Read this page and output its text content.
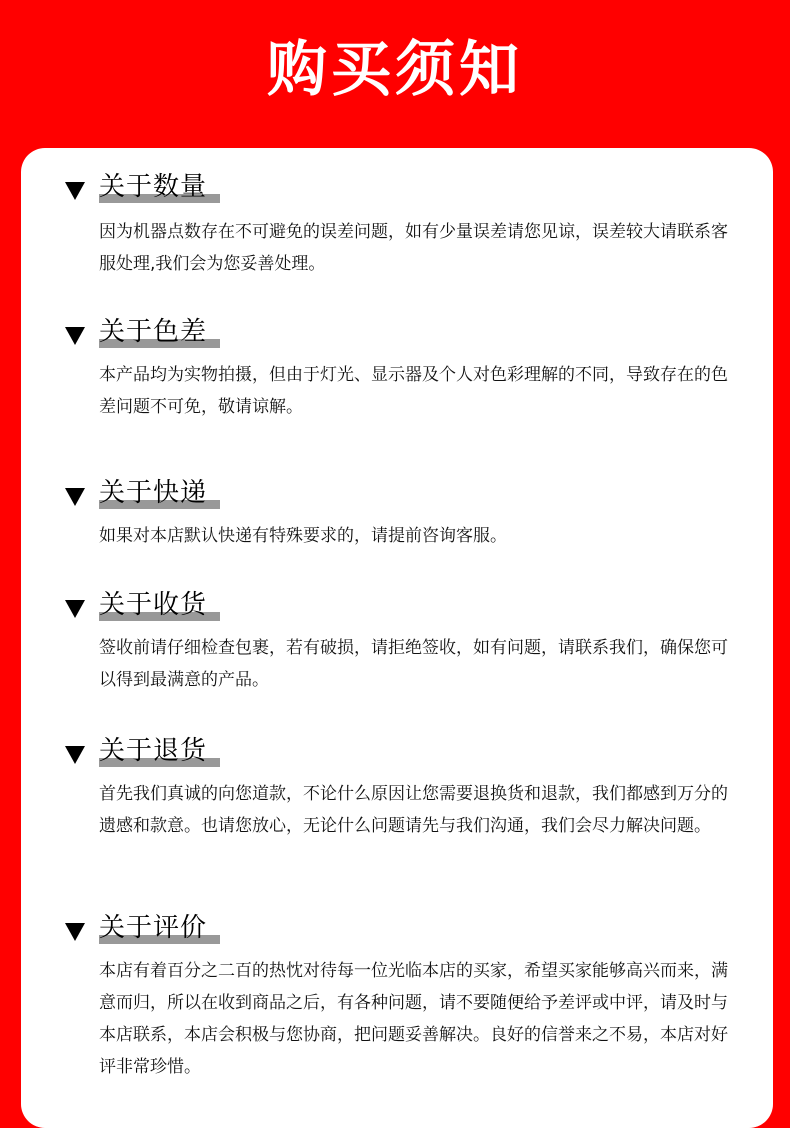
购买须知
关于数量

因为机器点数存在不可避免的误差问题，如有少量误差请您见谅，误差较大请联系客服处理,我们会为您妥善处理。

关于色差

本产品均为实物拍摄，但由于灯光、显示器及个人对色彩理解的不同，导致存在的色差问题不可免，敬请谅解。

关于快递

如果对本店默认快递有特殊要求的，请提前咨询客服。

关于收货

签收前请仔细检查包裹，若有破损，请拒绝签收，如有问题，请联系我们，确保您可以得到最满意的产品。

关于退货

首先我们真诚的向您道款，不论什么原因让您需要退换货和退款，我们都感到万分的遗感和款意。也请您放心，无论什么问题请先与我们沟通，我们会尽力解决问题。

关于评价

本店有着百分之二百的热忱对待每一位光临本店的买家，希望买家能够高兴而来，满意而归，所以在收到商品之后，有各种问题，请不要随便给予差评或中评，请及时与本店联系，本店会积极与您协商，把问题妥善解决。良好的信誉来之不易，本店对好评非常珍惜。
